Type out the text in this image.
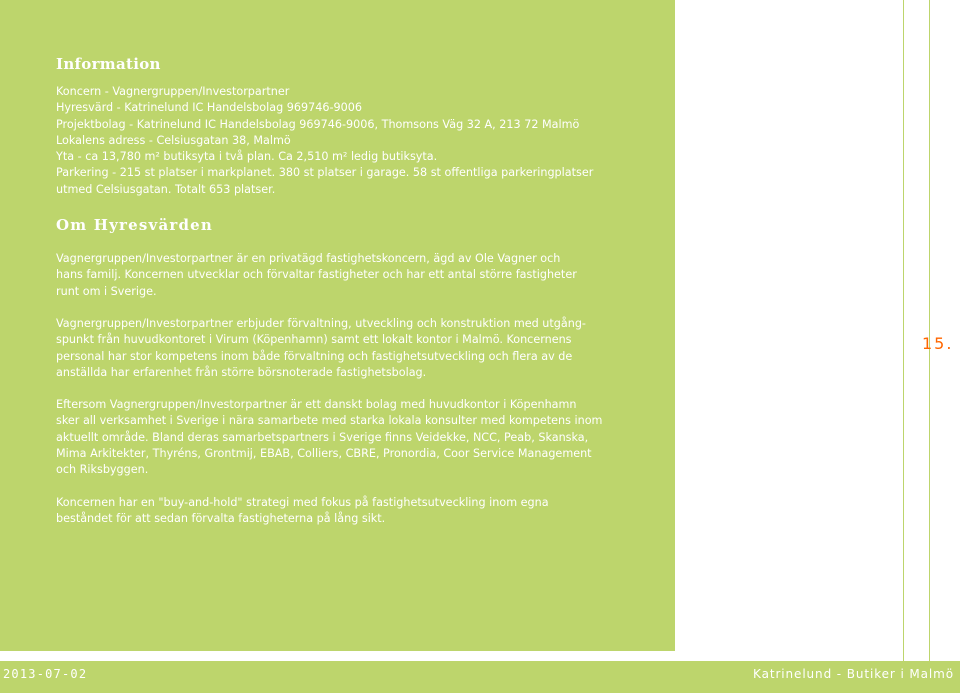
Information

Koncern - Vagnergruppen/Investorpartner

Hyresvärd - Katrinelund IC Handelsbolag 969746-9006

Projektbolag - Katrinelund IC Handelsbolag 969746-9006, Thomsons Väg 32 A, 213 72 Malmö

Lokalens adress - Celsiusgatan 38, Malmö

Yta - ca 13,780 m² butiksyta i två plan. Ca 2,510 m² ledig butiksyta.

Parkering - 215 st platser i markplanet. 380 st platser i garage. 58 st offentliga parkeringplatser

utmed Celsiusgatan. Totalt 653 platser.

Om Hyresvärden

Vagnergruppen/Investorpartner är en privatägd fastighetskoncern, ägd av Ole Vagner och

hans familj. Koncernen utvecklar och förvaltar fastigheter och har ett antal större fastigheter

runt om i Sverige.

Vagnergruppen/Investorpartner erbjuder förvaltning, utveckling och konstruktion med utgång-

spunkt från huvudkontoret i Virum (Köpenhamn) samt ett lokalt kontor i Malmö. Koncernens

personal har stor kompetens inom både förvaltning och fastighetsutveckling och flera av de

anställda har erfarenhet från större börsnoterade fastighetsbolag.

Eftersom Vagnergruppen/Investorpartner är ett danskt bolag med huvudkontor i Köpenhamn

sker all verksamhet i Sverige i nära samarbete med starka lokala konsulter med kompetens inom

aktuellt område. Bland deras samarbetspartners i Sverige finns Veidekke, NCC, Peab, Skanska,

Mima Arkitekter, Thyréns, Grontmij, EBAB, Colliers, CBRE, Pronordia, Coor Service Management

och Riksbyggen.

Koncernen har en "buy-and-hold" strategi med fokus på fastighetsutveckling inom egna

beståndet för att sedan förvalta fastigheterna på lång sikt.

15.
2013-07-02	Katrinelund - Butiker i Malmö
